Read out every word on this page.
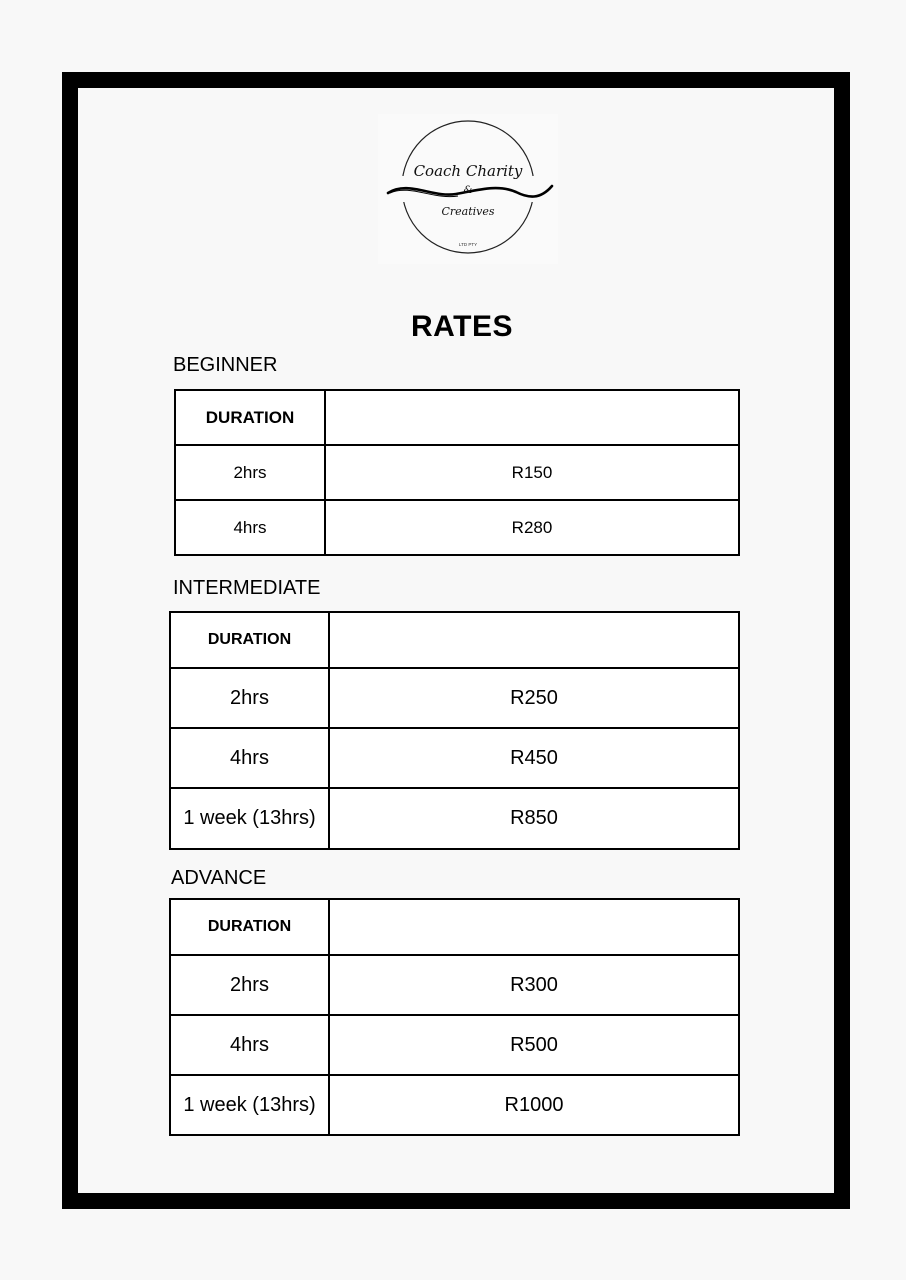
Coach Charity
&
Creatives
LTD PTY
RATES
BEGINNER
DURATION	
2hrs	R150
4hrs	R280
INTERMEDIATE
DURATION	
2hrs	R250
4hrs	R450
1 week (13hrs)	R850
ADVANCE
DURATION	
2hrs	R300
4hrs	R500
1 week (13hrs)	R1000
